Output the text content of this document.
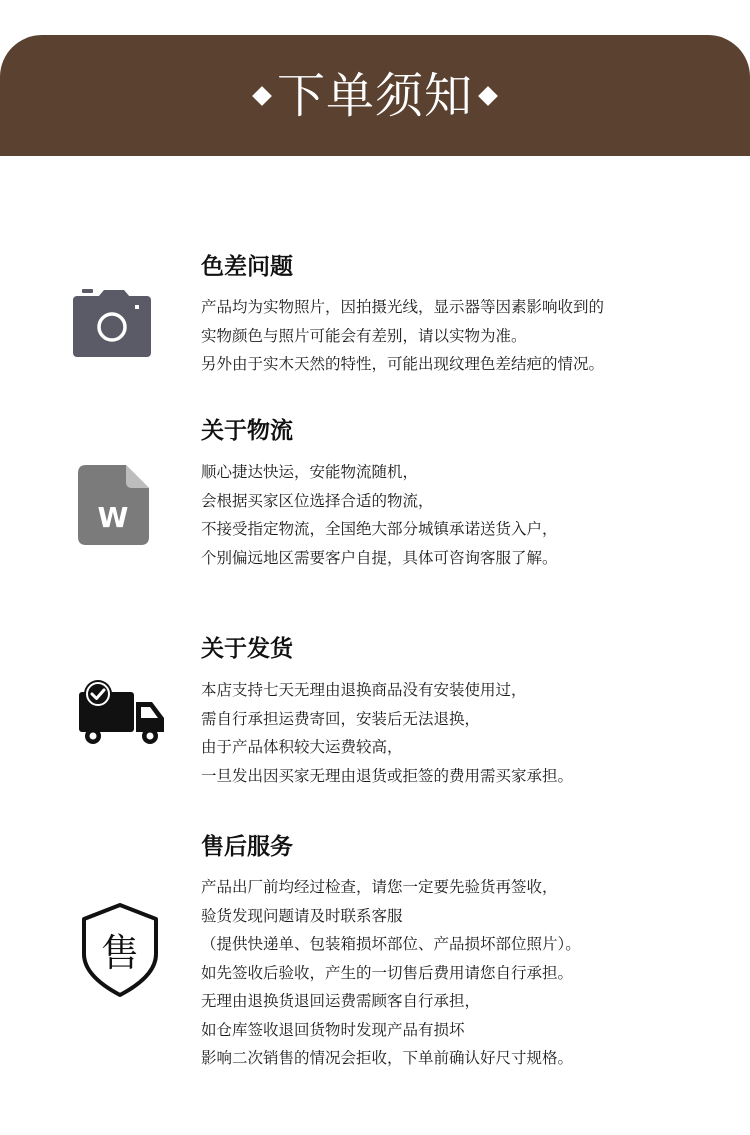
下单须知
色差问题
产品均为实物照片，因拍摄光线，显示器等因素影响收到的
实物颜色与照片可能会有差别，请以实物为准。
另外由于实木天然的特性，可能出现纹理色差结疤的情况。
关于物流
W
顺心捷达快运，安能物流随机，
会根据买家区位选择合适的物流，
不接受指定物流，全国绝大部分城镇承诺送货入户，
个别偏远地区需要客户自提，具体可咨询客服了解。
关于发货
本店支持七天无理由退换商品没有安装使用过，
需自行承担运费寄回，安装后无法退换，
由于产品体积较大运费较高，
一旦发出因买家无理由退货或拒签的费用需买家承担。
售后服务
售
产品出厂前均经过检查，请您一定要先验货再签收，
验货发现问题请及时联系客服
（提供快递单、包装箱损坏部位、产品损坏部位照片）。
如先签收后验收，产生的一切售后费用请您自行承担。
无理由退换货退回运费需顾客自行承担，
如仓库签收退回货物时发现产品有损坏
影响二次销售的情况会拒收，下单前确认好尺寸规格。
